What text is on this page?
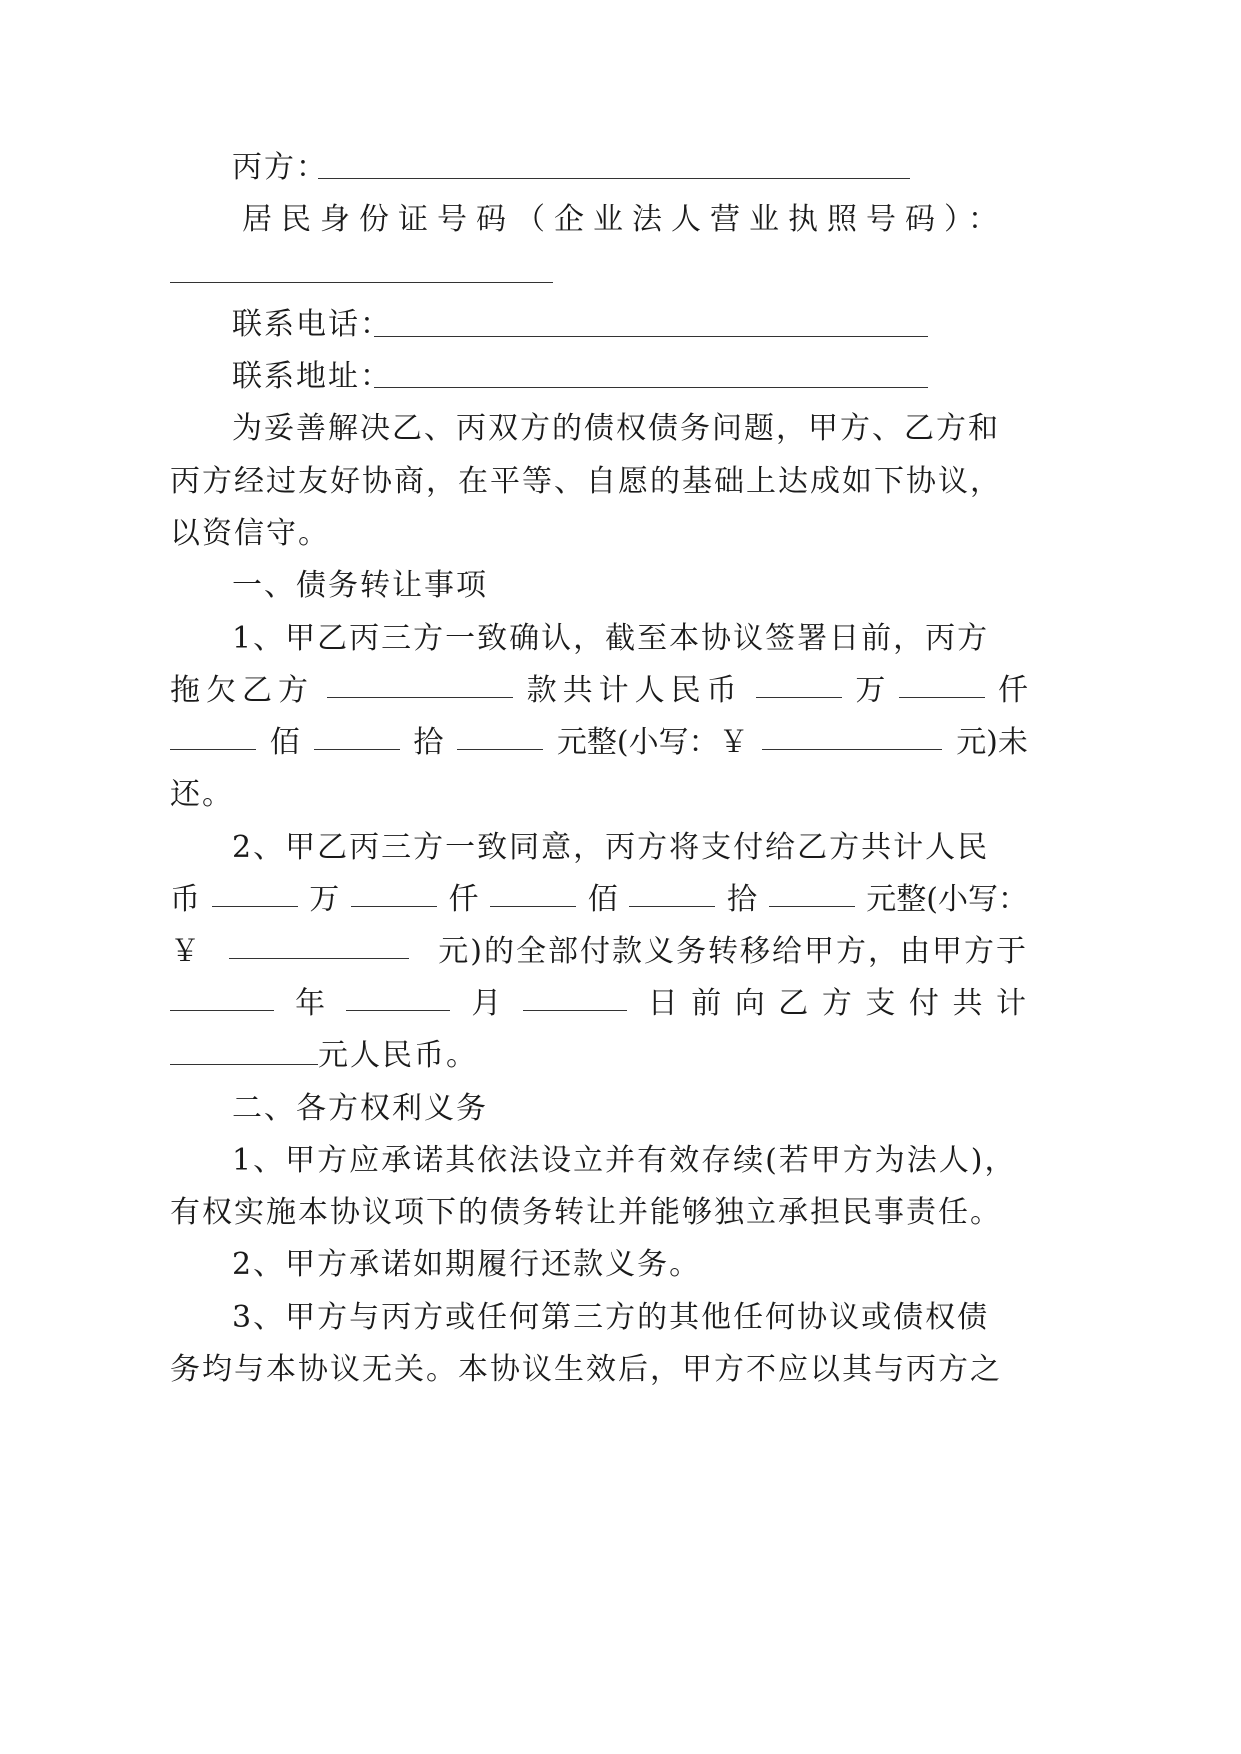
丙方：
居民身份证号码（企业法人营业执照号码）：
联系电话：
联系地址：
为妥善解决乙、丙双方的债权债务问题，甲方、乙方和
丙方经过友好协商，在平等、自愿的基础上达成如下协议，
以资信守。
一、债务转让事项
1、甲乙丙三方一致确认，截至本协议签署日前，丙方
拖欠乙方	款共计人民币	万	仟
佰	拾	元整(小写：￥	元)未
还。
2、甲乙丙三方一致同意，丙方将支付给乙方共计人民
币	万	仟	佰	拾	元整(小写：
￥	元)的全部付款义务转移给甲方，由甲方于
年	月	日 前 向 乙 方 支 付 共 计
元人民币。
二、各方权利义务
1、甲方应承诺其依法设立并有效存续(若甲方为法人)，
有权实施本协议项下的债务转让并能够独立承担民事责任。
2、甲方承诺如期履行还款义务。
3、甲方与丙方或任何第三方的其他任何协议或债权债
务均与本协议无关。本协议生效后，甲方不应以其与丙方之
